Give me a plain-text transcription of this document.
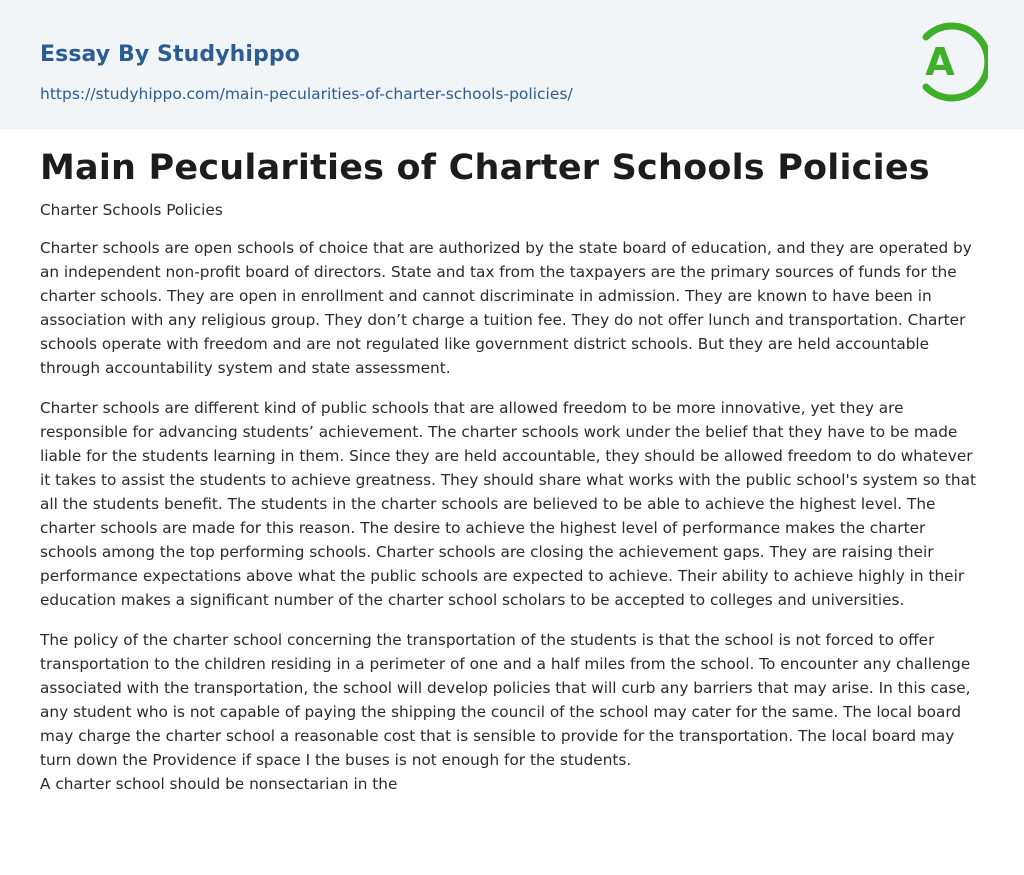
Essay By Studyhippo
https://studyhippo.com/main-pecularities-of-charter-schools-policies/
A
Main Pecularities of Charter Schools Policies
Charter Schools Policies

Charter schools are open schools of choice that are authorized by the state board of education, and they are operated by an independent non-profit board of directors. State and tax from the taxpayers are the primary sources of funds for the charter schools. They are open in enrollment and cannot discriminate in admission. They are known to have been in association with any religious group. They don’t charge a tuition fee. They do not offer lunch and transportation. Charter schools operate with freedom and are not regulated like government district schools. But they are held accountable through accountability system and state assessment.

Charter schools are different kind of public schools that are allowed freedom to be more innovative, yet they are responsible for advancing students’ achievement. The charter schools work under the belief that they have to be made liable for the students learning in them. Since they are held accountable, they should be allowed freedom to do whatever it takes to assist the students to achieve greatness. They should share what works with the public school's system so that all the students benefit. The students in the charter schools are believed to be able to achieve the highest level. The charter schools are made for this reason. The desire to achieve the highest level of performance makes the charter schools among the top performing schools. Charter schools are closing the achievement gaps. They are raising their performance expectations above what the public schools are expected to achieve. Their ability to achieve highly in their education makes a significant number of the charter school scholars to be accepted to colleges and universities.

The policy of the charter school concerning the transportation of the students is that the school is not forced to offer transportation to the children residing in a perimeter of one and a half miles from the school. To encounter any challenge associated with the transportation, the school will develop policies that will curb any barriers that may arise. In this case, any student who is not capable of paying the shipping the council of the school may cater for the same. The local board may charge the charter school a reasonable cost that is sensible to provide for the transportation. The local board may turn down the Providence if space I the buses is not enough for the students.
A charter school should be nonsectarian in the
